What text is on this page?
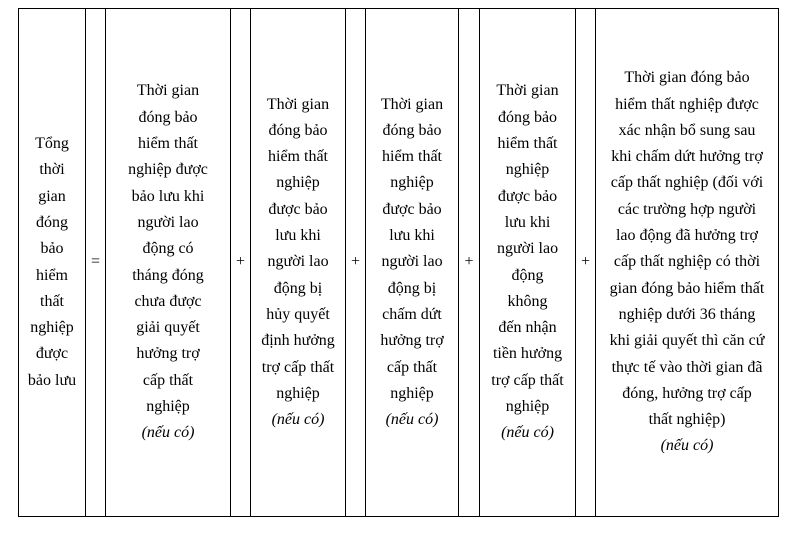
Tổng
thời
gian
đóng
bảo
hiểm
thất
nghiệp
được
bảo lưu
	=	
Thời gian
đóng bảo
hiểm thất
nghiệp được
bảo lưu khi
người lao
động có
tháng đóng
chưa được
giải quyết
hưởng trợ
cấp thất
nghiệp
(nếu có)
	+	
Thời gian
đóng bảo
hiểm thất
nghiệp
được bảo
lưu khi
người lao
động bị
hủy quyết
định hưởng
trợ cấp thất
nghiệp
(nếu có)
	+	
Thời gian
đóng bảo
hiểm thất
nghiệp
được bảo
lưu khi
người lao
động bị
chấm dứt
hưởng trợ
cấp thất
nghiệp
(nếu có)
	+	
Thời gian
đóng bảo
hiểm thất
nghiệp
được bảo
lưu khi
người lao
động
không
đến nhận
tiền hưởng
trợ cấp thất
nghiệp
(nếu có)
	+	
Thời gian đóng bảo
hiểm thất nghiệp được
xác nhận bổ sung sau
khi chấm dứt hưởng trợ
cấp thất nghiệp (đối với
các trường hợp người
lao động đã hưởng trợ
cấp thất nghiệp có thời
gian đóng bảo hiểm thất
nghiệp dưới 36 tháng
khi giải quyết thì căn cứ
thực tế vào thời gian đã
đóng, hưởng trợ cấp
thất nghiệp)
(nếu có)
